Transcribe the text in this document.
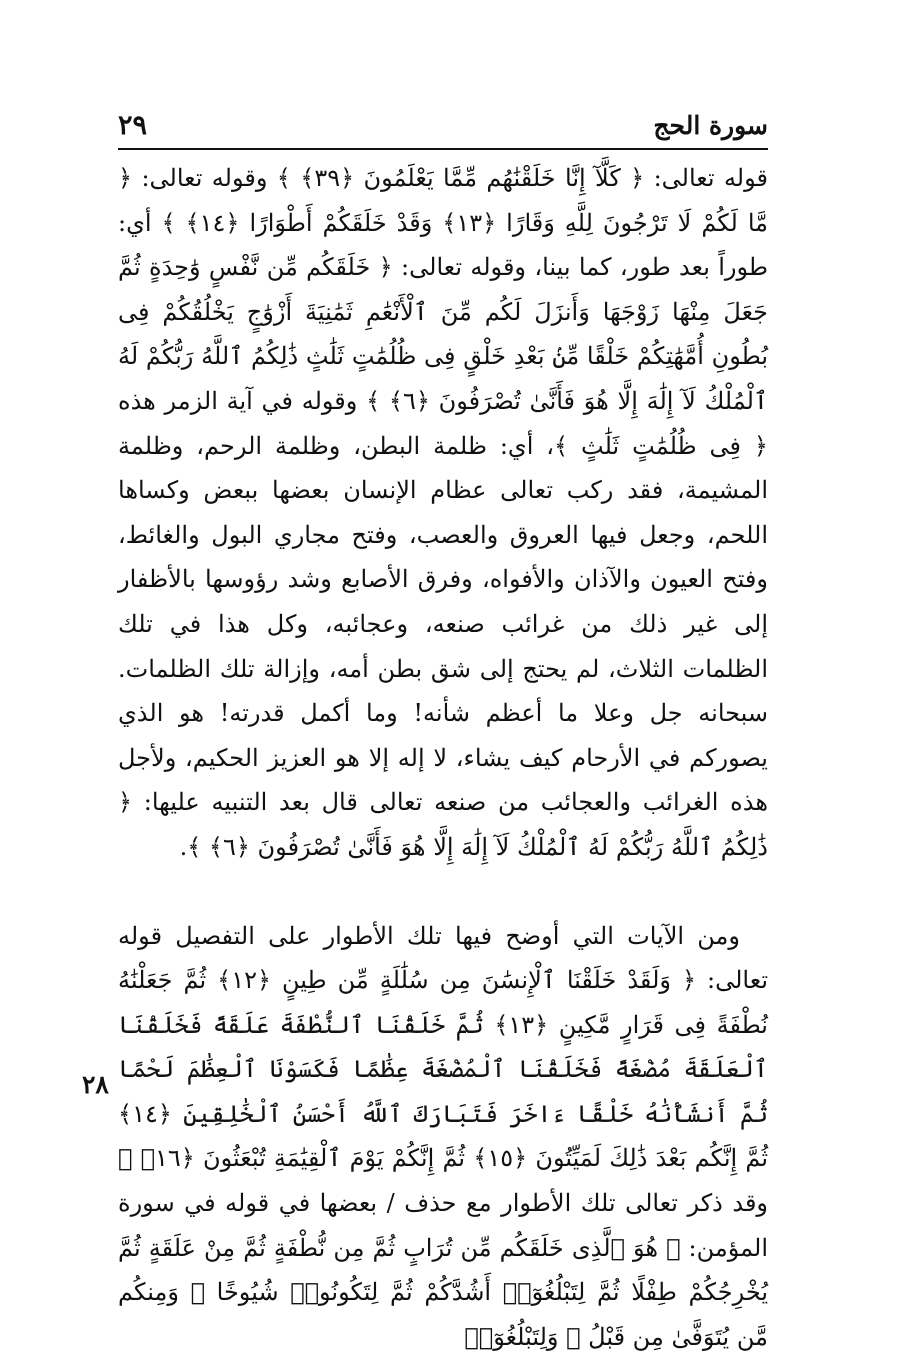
سورة الحج
٢٩

قوله تعالى: ﴿ كَلَّآ إِنَّا خَلَقْنَٰهُم مِّمَّا يَعْلَمُونَ ﴿٣٩﴾ ﴾ وقوله تعالى: ﴿ مَّا لَكُمْ لَا تَرْجُونَ لِلَّهِ وَقَارًا ﴿١٣﴾ وَقَدْ خَلَقَكُمْ أَطْوَارًا ﴿١٤﴾ ﴾ أي: طوراً بعد طور، كما بينا، وقوله تعالى: ﴿ خَلَقَكُم مِّن نَّفْسٍ وَٰحِدَةٍ ثُمَّ جَعَلَ مِنْهَا زَوْجَهَا وَأَنزَلَ لَكُم مِّنَ ٱلْأَنْعَٰمِ ثَمَٰنِيَةَ أَزْوَٰجٍ يَخْلُقُكُمْ فِى بُطُونِ أُمَّهَٰتِكُمْ خَلْقًا مِّنۢ بَعْدِ خَلْقٍ فِى ظُلُمَٰتٍ ثَلَٰثٍ ذَٰلِكُمُ ٱللَّهُ رَبُّكُمْ لَهُ ٱلْمُلْكُ لَآ إِلَٰهَ إِلَّا هُوَ فَأَنَّىٰ تُصْرَفُونَ ﴿٦﴾ ﴾ وقوله في آية الزمر هذه ﴿ فِى ظُلُمَٰتٍ ثَلَٰثٍ ﴾، أي: ظلمة البطن، وظلمة الرحم، وظلمة المشيمة، فقد ركب تعالى عظام الإنسان بعضها ببعض وكساها اللحم، وجعل فيها العروق والعصب، وفتح مجاري البول والغائط، وفتح العيون والآذان والأفواه، وفرق الأصابع وشد رؤوسها بالأظفار إلى غير ذلك من غرائب صنعه، وعجائبه، وكل هذا في تلك الظلمات الثلاث، لم يحتج إلى شق بطن أمه، وإزالة تلك الظلمات. سبحانه جل وعلا ما أعظم شأنه! وما أكمل قدرته! هو الذي يصوركم في الأرحام كيف يشاء، لا إله إلا هو العزيز الحكيم، ولأجل هذه الغرائب والعجائب من صنعه تعالى قال بعد التنبيه عليها: ﴿ ذَٰلِكُمُ ٱللَّهُ رَبُّكُمْ لَهُ ٱلْمُلْكُ لَآ إِلَٰهَ إِلَّا هُوَ فَأَنَّىٰ تُصْرَفُونَ ﴿٦﴾ ﴾.

ومن الآيات التي أوضح فيها تلك الأطوار على التفصيل قوله تعالى: ﴿ وَلَقَدْ خَلَقْنَا ٱلْإِنسَٰنَ مِن سُلَٰلَةٍ مِّن طِينٍ ﴿١٢﴾ ثُمَّ جَعَلْنَٰهُ نُطْفَةً فِى قَرَارٍ مَّكِينٍ ﴿١٣﴾ ثُمَّ خَلَقْنَا ٱلنُّطْفَةَ عَلَقَةً فَخَلَقْنَا ٱلْعَلَقَةَ مُضْغَةً فَخَلَقْنَا ٱلْمُضْغَةَ عِظَٰمًا فَكَسَوْنَا ٱلْعِظَٰمَ لَحْمًا ثُمَّ أَنشَأْنَٰهُ خَلْقًا ءَاخَرَ فَتَبَارَكَ ٱللَّهُ أَحْسَنُ ٱلْخَٰلِقِينَ ﴿١٤﴾ ثُمَّ إِنَّكُم بَعْدَ ذَٰلِكَ لَمَيِّتُونَ ﴿١٥﴾ ثُمَّ إِنَّكُمْ يَوْمَ ٱلْقِيَٰمَةِ تُبْعَثُونَ ﴿١٦﴾ ﴾ وقد ذكر تعالى تلك الأطوار مع حذف / بعضها في قوله في سورة المؤمن: ﴿ هُوَ ٱلَّذِى خَلَقَكُم مِّن تُرَابٍ ثُمَّ مِن نُّطْفَةٍ ثُمَّ مِنْ عَلَقَةٍ ثُمَّ يُخْرِجُكُمْ طِفْلًا ثُمَّ لِتَبْلُغُوٓا۟ أَشُدَّكُمْ ثُمَّ لِتَكُونُوا۟ شُيُوخًا ۚ وَمِنكُم مَّن يُتَوَفَّىٰ مِن قَبْلُ ۖ وَلِتَبْلُغُوٓا۟

٢٨
